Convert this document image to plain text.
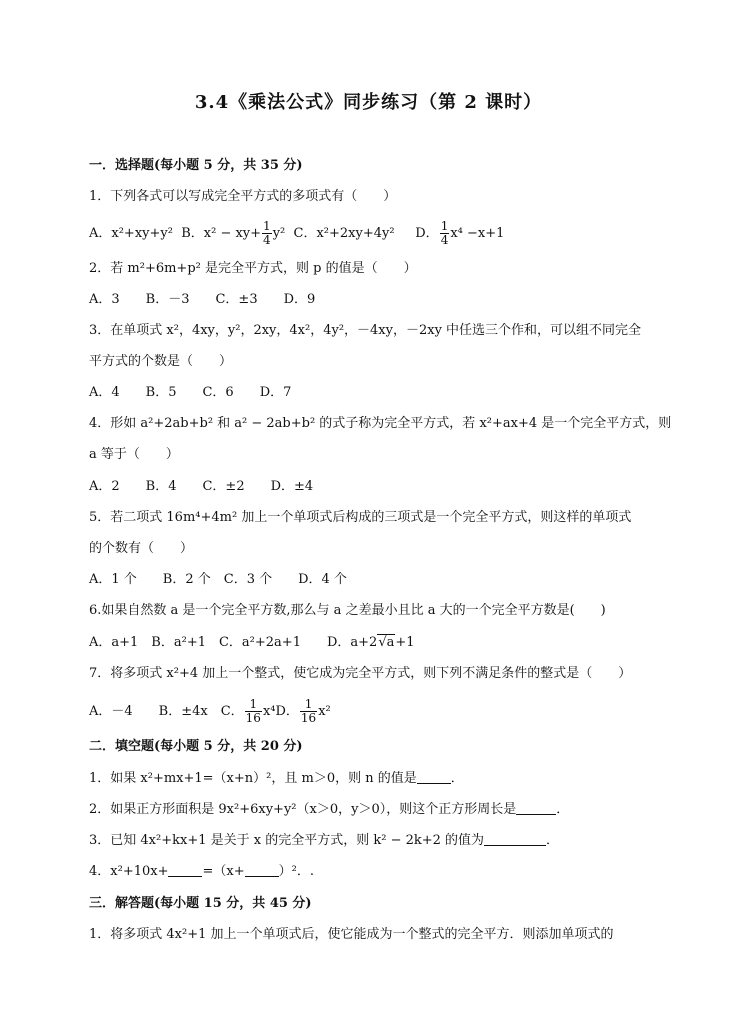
3.4《乘法公式》同步练习（第 2 课时）
一．选择题(每小题 5 分，共 35 分)
1．下列各式可以写成完全平方式的多项式有（　　）
A．x²+xy+y² B．$x^2 - xy+ \frac{1}{4} y^2$ C．x²+2xy+4y² D． $\frac{1}{4} x^4 -x+1$
2．若 m²+6m+p² 是完全平方式，则 p 的值是（　　）
A．3　　B．－3　　C．±3　　D．9
3．在单项式 x²，4xy，y²，2xy，4x²，4y²，－4xy，－2xy 中任选三个作和，可以组不同完全
平方式的个数是（　　）
A．4　　B．5　　C．6　　D．7
4．形如 a²+2ab+b² 和 a² − 2ab+b² 的式子称为完全平方式，若 x²+ax+4 是一个完全平方式，则
a 等于（　　）
A．2　　B．4　　C．±2　　D．±4
5．若二项式 16m⁴+4m² 加上一个单项式后构成的三项式是一个完全平方式，则这样的单项式
的个数有（　　）
A．1 个　　B．2 个　C．3 个　　D．4 个
6.如果自然数 a 是一个完全平方数,那么与 a 之差最小且比 a 大的一个完全平方数是(　　)
A．a+1　B．a²+1　C．a²+2a+1　　D．a+2√a+1
7．将多项式 x²+4 加上一个整式，使它成为完全平方式，则下列不满足条件的整式是（　　）
A．－4　　B．±4x　C． $\frac{1}{16} x^4D$． $\frac{1}{16} x^2$
二．填空题(每小题 5 分，共 20 分)
1．如果 x²+mx+1=（x+n）²，且 m＞0，则 n 的值是	．
2．如果正方形面积是 9x²+6xy+y²（x＞0，y＞0），则这个正方形周长是	．
3．已知 4x²+kx+1 是关于 x 的完全平方式，则 k² − 2k+2 的值为	．
4．x²+10x+	=（x+	）²．.
三．解答题(每小题 15 分，共 45 分)
1．将多项式 4x²+1 加上一个单项式后，使它能成为一个整式的完全平方．则添加单项式的
